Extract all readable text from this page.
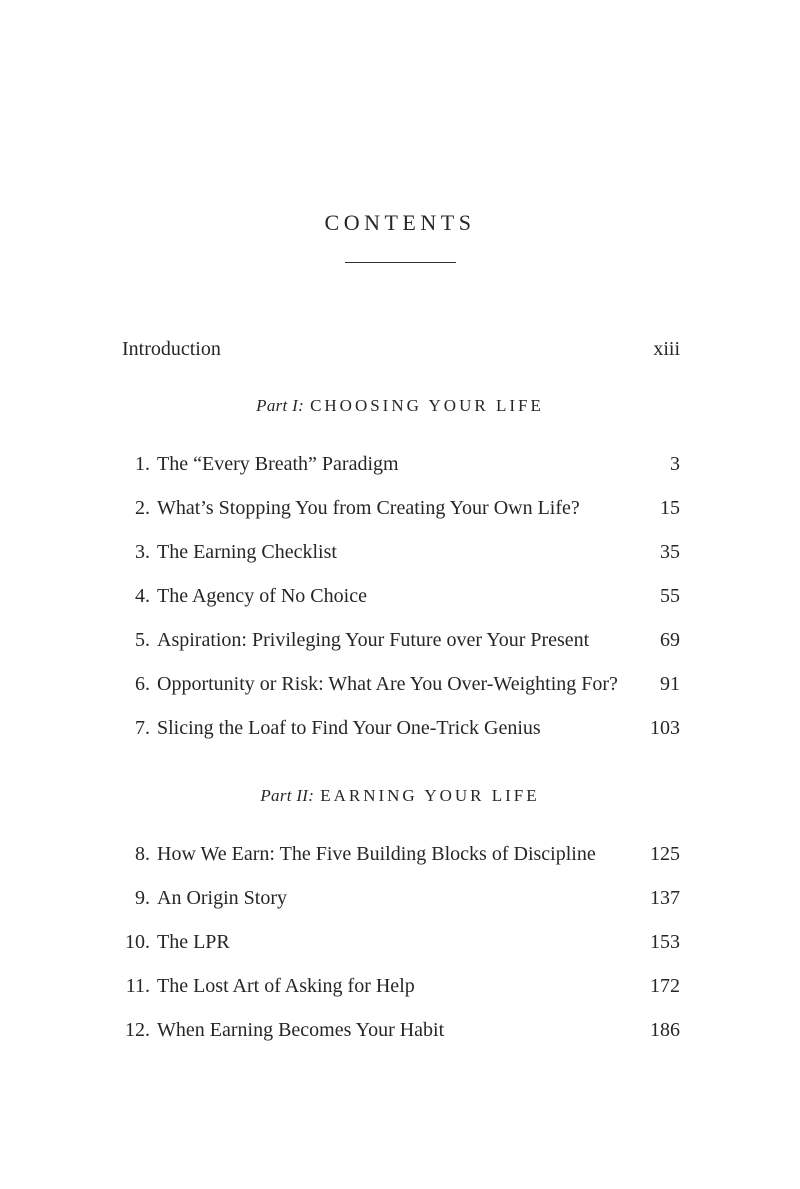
CONTENTS
Introduction	xiii
Part I: CHOOSING YOUR LIFE
1. The “Every Breath” Paradigm	3
2. What’s Stopping You from Creating Your Own Life?	15
3. The Earning Checklist	35
4. The Agency of No Choice	55
5. Aspiration: Privileging Your Future over Your Present	69
6. Opportunity or Risk: What Are You Over-Weighting For? 91
7. Slicing the Loaf to Find Your One-Trick Genius	103
Part II: EARNING YOUR LIFE
8. How We Earn: The Five Building Blocks of Discipline	125
9. An Origin Story	137
10. The LPR	153
11. The Lost Art of Asking for Help	172
12. When Earning Becomes Your Habit	186
